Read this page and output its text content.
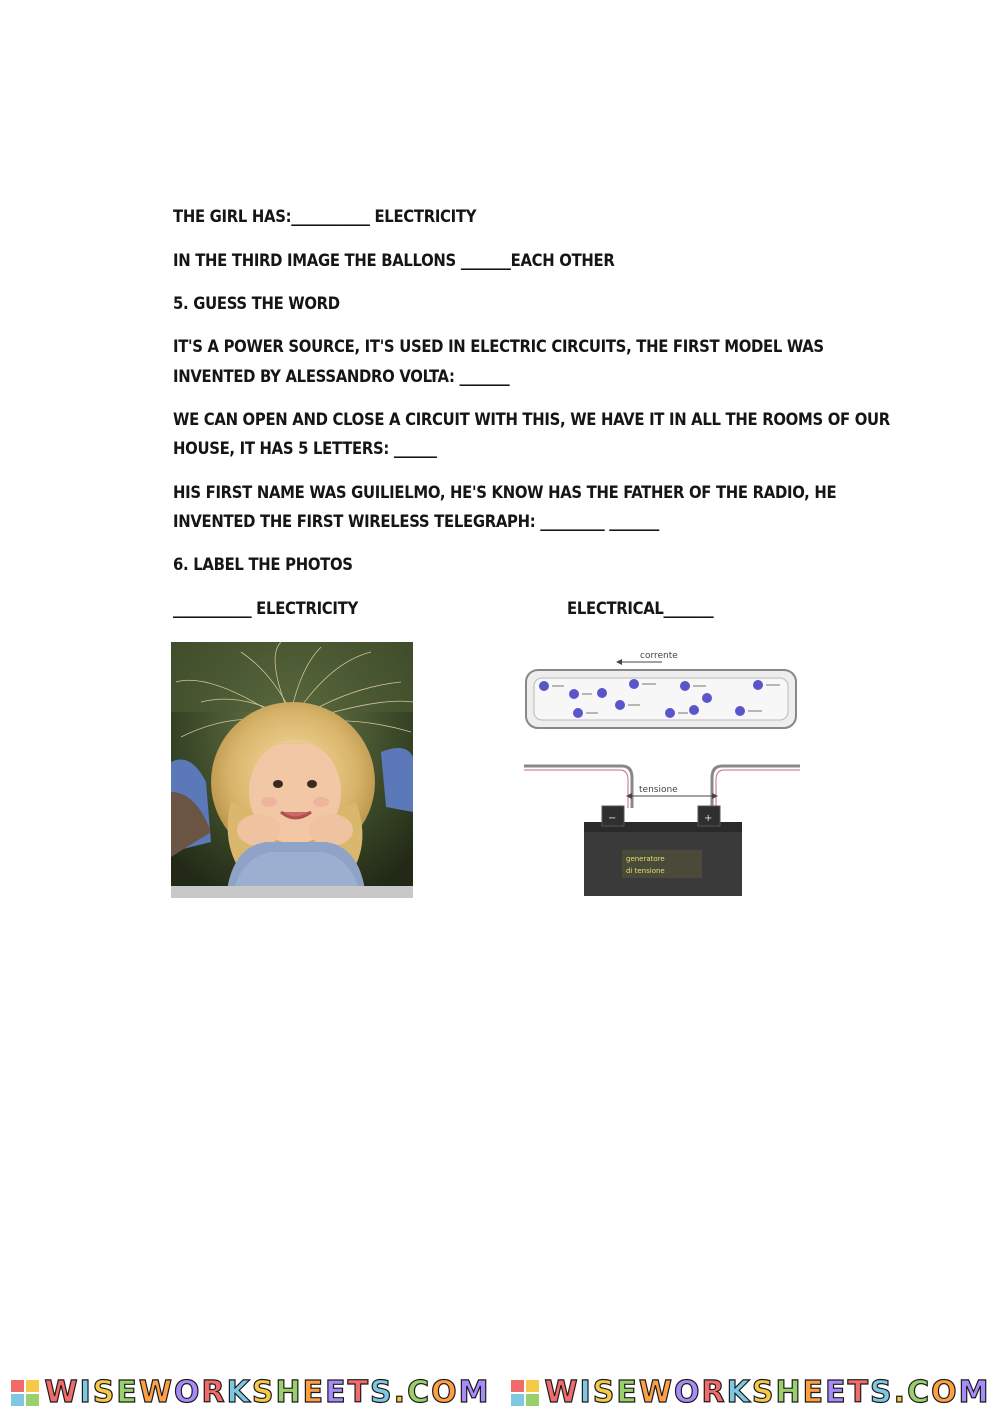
THE GIRL HAS:___________ ELECTRICITY
IN THE THIRD IMAGE THE BALLONS _______EACH OTHER
5. GUESS THE WORD
IT'S A POWER SOURCE, IT'S USED IN ELECTRIC CIRCUITS, THE FIRST MODEL WAS
INVENTED BY ALESSANDRO VOLTA: _______
WE CAN OPEN AND CLOSE A CIRCUIT WITH THIS, WE HAVE IT IN ALL THE ROOMS OF OUR
HOUSE, IT HAS 5 LETTERS: ______
HIS FIRST NAME WAS GUILIELMO, HE'S KNOW HAS THE FATHER OF THE RADIO, HE
INVENTED THE FIRST WIRELESS TELEGRAPH: _________ _______
6. LABEL THE PHOTOS
___________ ELECTRICITY	ELECTRICAL_______
corrente
tensione
−	+
generatore
di tensione
WISEWORKSHEETS.COM WISEWORKSHEETS.COM
